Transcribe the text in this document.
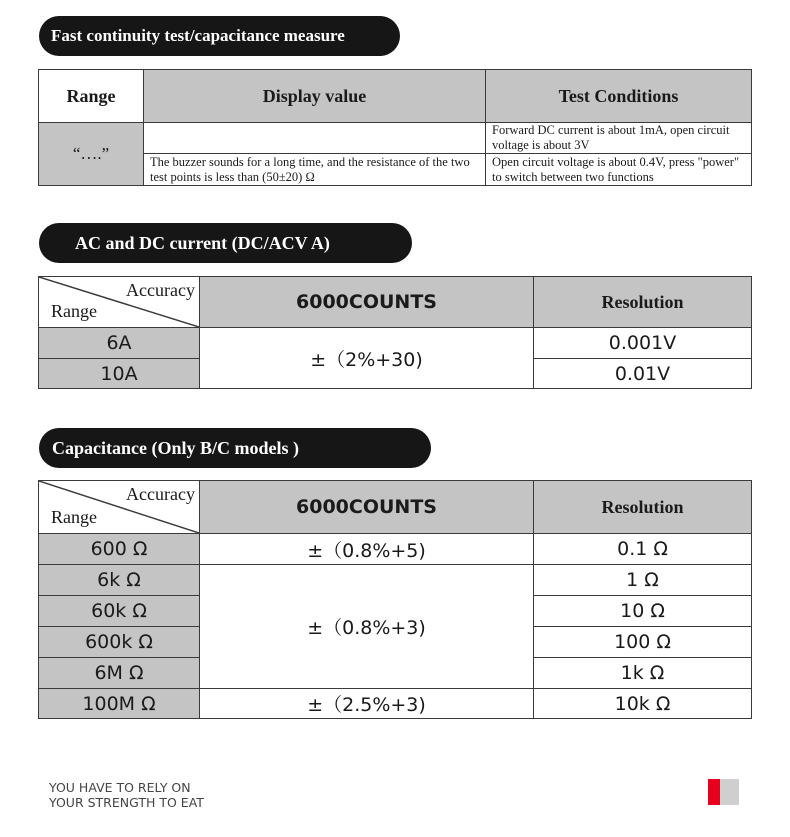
Fast continuity test/capacitance measure
Range	Display value	Test Conditions
“….”		Forward DC current is about 1mA, open circuit voltage is about 3V
	The buzzer sounds for a long time, and the resistance of the two test points is less than (50±20) Ω	Open circuit voltage is about 0.4V, press "power" to switch between two functions
AC and DC current (DC/ACV A)
Accuracy
Range	6000COUNTS	Resolution
6A	±（2%+30)	0.001V
10A		0.01V
Capacitance (Only B/C models )
Accuracy
Range	6000COUNTS	Resolution
600 Ω	±（0.8%+5)	0.1 Ω
6k Ω	±（0.8%+3)	1 Ω
60k Ω		10 Ω
600k Ω		100 Ω
6M Ω		1k Ω
100M Ω	±（2.5%+3)	10k Ω
YOU HAVE TO RELY ON
YOUR STRENGTH TO EAT
